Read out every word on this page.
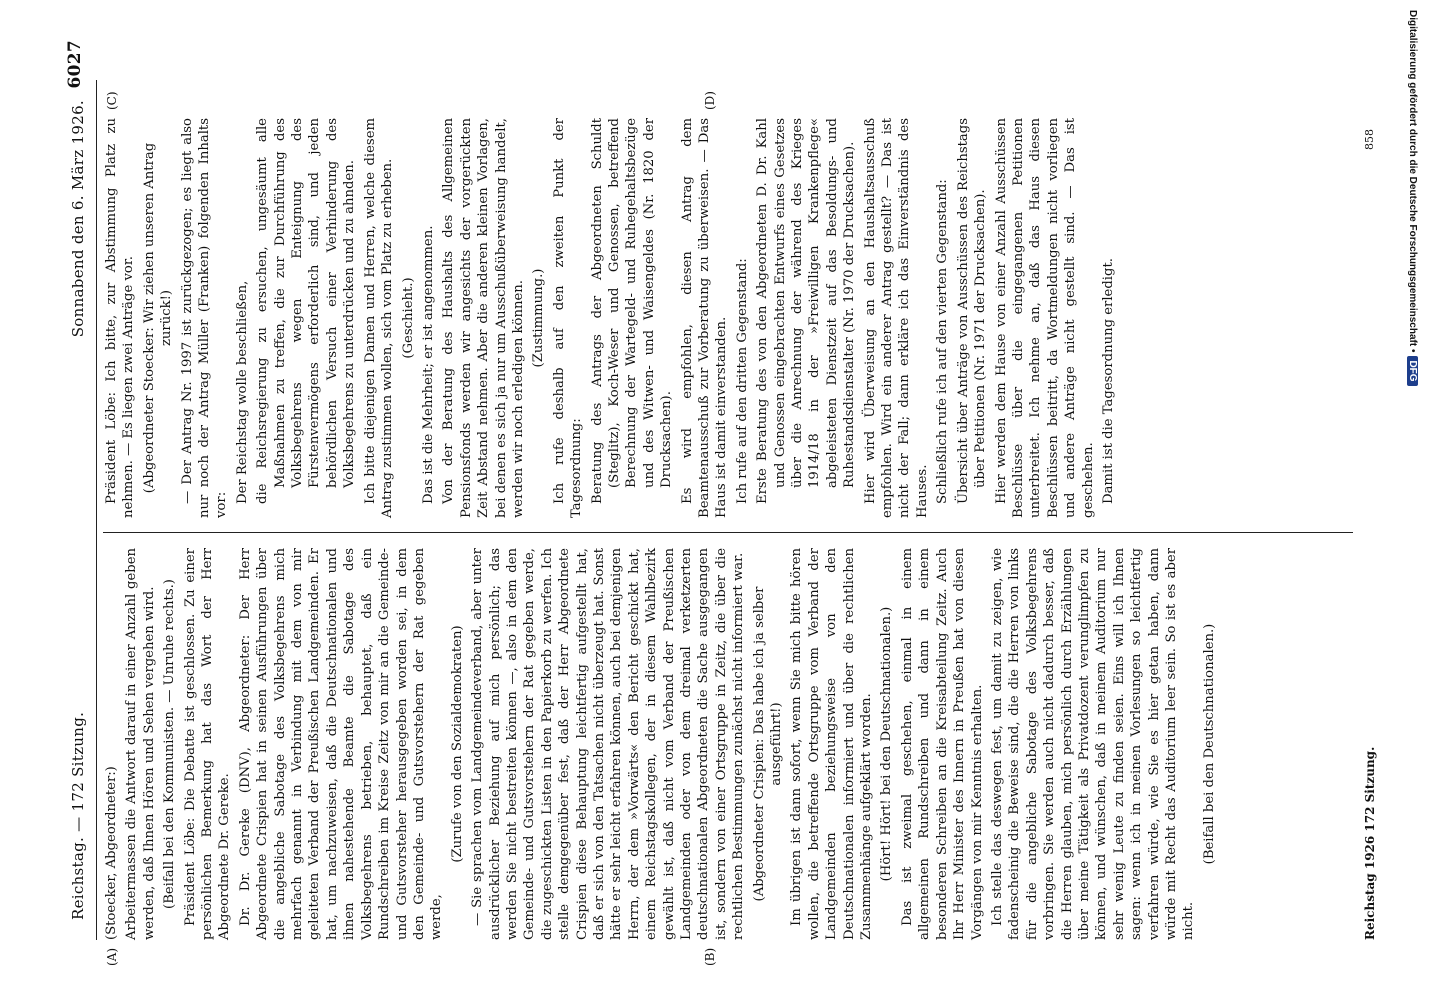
Reichstag. — 172 Sitzung.
Sonnabend den 6. März 1926.
6027

(Stoecker, Abgeordneter:) Arbeitermassen die Antwort darauf in einer Anzahl geben werden, daß Ihnen Hören und Sehen vergehen wird. (Beifall bei den Kommunisten. — Unruhe rechts.) Präsident Löbe: Die Debatte ist geschlossen. Zu einer persönlichen Bemerkung hat das Wort der Herr Abgeordnete Dr. Gereke. Dr. Dr. Gereke (DNV), Abgeordneter: Der Herr Abgeordnete Crispien hat in seinen Ausführungen über die angebliche Sabotage des Volksbegehrens mich mehrfach genannt in Verbindung mit dem von mir geleiteten Verband der Preußischen Landgemeinden. Er hat, um nachzuweisen, daß die Deutschnationalen und ihnen nahestehende Beamte die Sabotage des Volksbegehrens betrieben, behauptet, daß ein Rundschreiben im Kreise Zeitz von mir an die Gemeinde- und Gutsvorsteher herausgegeben worden sei, in dem den Gemeinde- und Gutsvorstehern der Rat gegeben werde,

(Zurufe von den Sozialdemokraten) — Sie sprachen vom Landgemeindeverband, aber unter ausdrücklicher Beziehung auf mich persönlich; das werden Sie nicht bestreiten können —, also in dem den Gemeinde- und Gutsvorstehern der Rat gegeben werde, die zugeschickten Listen in den Papierkorb zu werfen. Ich stelle demgegenüber fest, daß der Herr Abgeordnete Crispien diese Behauptung leichtfertig aufgestellt hat, daß er sich von den Tatsachen nicht überzeugt hat. Sonst hätte er sehr leicht erfahren können, auch bei demjenigen Herrn, der dem »Vorwärts« den Bericht geschickt hat, einem Reichstagskollegen, der in diesem Wahlbezirk gewählt ist, daß nicht vom Verband der Preußischen Landgemeinden oder von dem dreimal verketzerten deutschnationalen Abgeordneten die Sache ausgegangen ist, sondern von einer Ortsgruppe in Zeitz, die über die rechtlichen Bestimmungen zunächst nicht informiert war. (Abgeordneter Crispien: Das habe ich ja selber ausgeführt!) Im übrigen ist dann sofort, wenn Sie mich bitte hören wollen, die betreffende Ortsgruppe vom Verband der Landgemeinden beziehungsweise von den Deutschnationalen informiert und über die rechtlichen Zusammenhänge aufgeklärt worden. (Hört! Hört! bei den Deutschnationalen.) Das ist zweimal geschehen, einmal in einem allgemeinen Rundschreiben und dann in einem besonderen Schreiben an die Kreisabteilung Zeitz. Auch Ihr Herr Minister des Innern in Preußen hat von diesen Vorgängen von mir Kenntnis erhalten. Ich stelle das deswegen fest, um damit zu zeigen, wie fadenscheinig die Beweise sind, die die Herren von links für die angebliche Sabotage des Volksbegehrens vorbringen. Sie werden auch nicht dadurch besser, daß die Herren glauben, mich persönlich durch Erzählungen über meine Tätigkeit als Privatdozent verunglimpfen zu können, und wünschen, daß in meinem Auditorium nur sehr wenig Leute zu finden seien. Eins will ich Ihnen sagen: wenn ich in meinen Vorlesungen so leichtfertig verfahren würde, wie Sie es hier getan haben, dann würde mit Recht das Auditorium leer sein. So ist es aber nicht.

(Beifall bei den Deutschnationalen.)

Präsident Löbe: Ich bitte, zur Abstimmung Platz zu nehmen. — Es liegen zwei Anträge vor. (Abgeordneter Stoecker: Wir ziehen unseren Antrag zurück!) — Der Antrag Nr. 1997 ist zurückgezogen; es liegt also nur noch der Antrag Müller (Franken) folgenden Inhalts vor:

Der Reichstag wolle beschließen, die Reichsregierung zu ersuchen, ungesäumt alle Maßnahmen zu treffen, die zur Durchführung des Volksbegehrens wegen Enteignung des Fürstenvermögens erforderlich sind, und jeden behördlichen Versuch einer Verhinderung des Volksbegehrens zu unterdrücken und zu ahnden. Ich bitte diejenigen Damen und Herren, welche diesem Antrag zustimmen wollen, sich vom Platz zu erheben. (Geschieht.) Das ist die Mehrheit; er ist angenommen. Von der Beratung des Haushalts des Allgemeinen Pensionsfonds werden wir angesichts der vorgerückten Zeit Abstand nehmen. Aber die anderen kleinen Vorlagen, bei denen es sich ja nur um Ausschußüberweisung handelt, werden wir noch erledigen können. (Zustimmung.) Ich rufe deshalb auf den zweiten Punkt der Tagesordnung: Beratung des Antrags der Abgeordneten Schuldt (Steglitz), Koch-Weser und Genossen, betreffend Berechnung der Wartegeld- und Ruhegehaltsbezüge und des Witwen- und Waisengeldes (Nr. 1820 der Drucksachen). Es wird empfohlen, diesen Antrag dem Beamtenausschuß zur Vorberatung zu überweisen. — Das Haus ist damit einverstanden. Ich rufe auf den dritten Gegenstand: Erste Beratung des von den Abgeordneten D. Dr. Kahl und Genossen eingebrachten Entwurfs eines Gesetzes über die Anrechnung der während des Krieges 1914/18 in der »Freiwilligen Krankenpflege« abgeleisteten Dienstzeit auf das Besoldungs- und Ruhestandsdienstalter (Nr. 1970 der Drucksachen). Hier wird Überweisung an den Haushaltsausschuß empfohlen. Wird ein anderer Antrag gestellt? — Das ist nicht der Fall; dann erkläre ich das Einverständnis des Hauses. Schließlich rufe ich auf den vierten Gegenstand: Übersicht über Anträge von Ausschüssen des Reichstags über Petitionen (Nr. 1971 der Drucksachen). Hier werden dem Hause von einer Anzahl Ausschüssen Beschlüsse über die eingegangenen Petitionen unterbreitet. Ich nehme an, daß das Haus diesen Beschlüssen beitritt, da Wortmeldungen nicht vorliegen und andere Anträge nicht gestellt sind. — Das ist geschehen. Damit ist die Tagesordnung erledigt.

(A)	(B)
(C)	(D)
Reichstag 1926 172 Sitzung.
858	Digitalisierung gefördert durch die Deutsche Forschungsgemeinschaft •DFG
